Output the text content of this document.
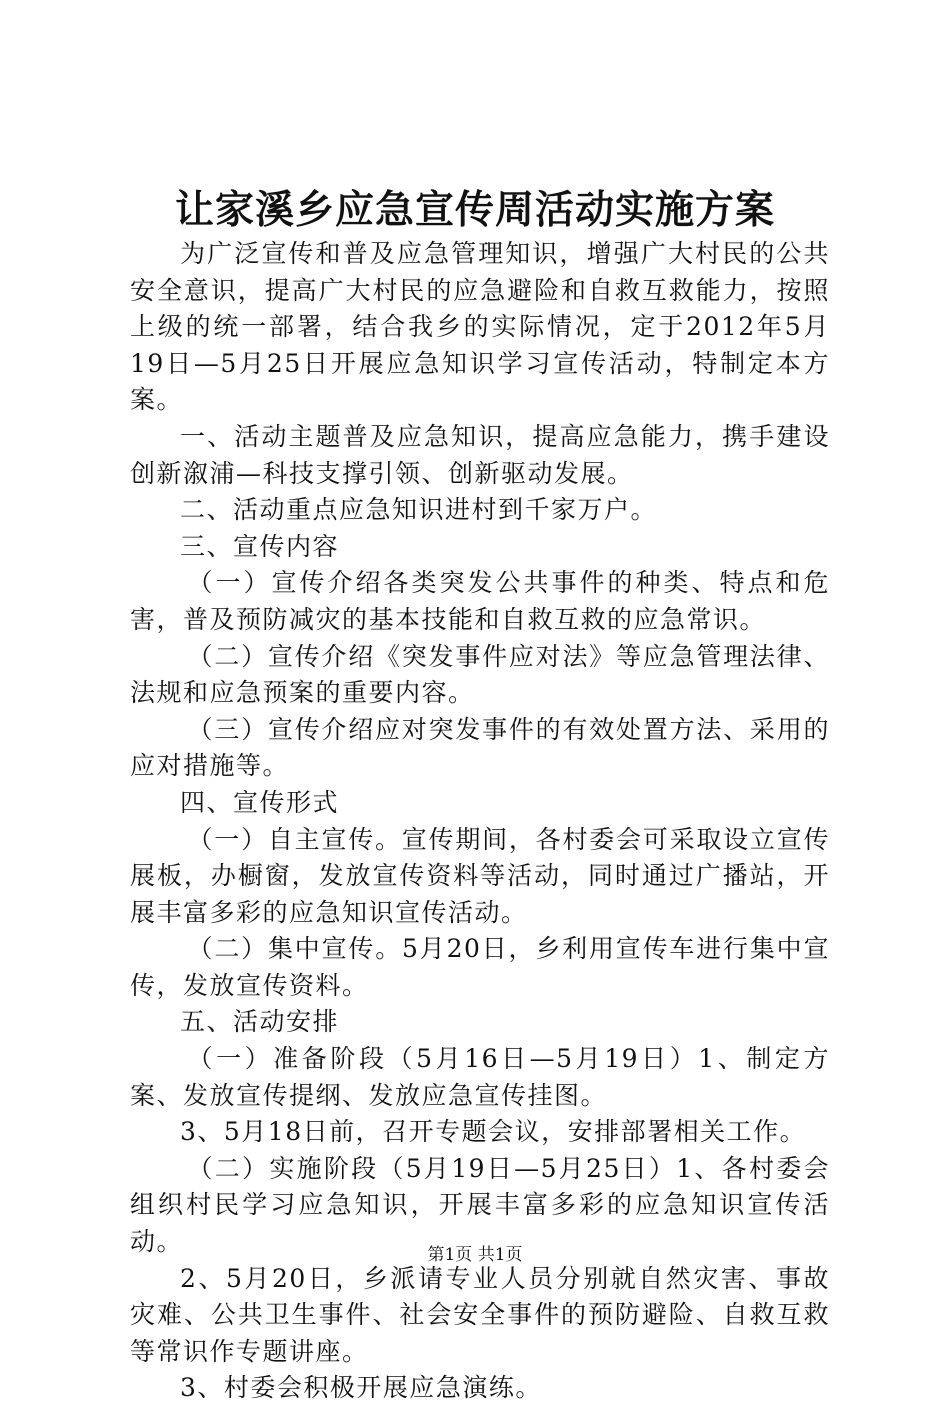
让家溪乡应急宣传周活动实施方案

为广泛宣传和普及应急管理知识，增强广大村民的公共安全意识，提高广大村民的应急避险和自救互救能力，按照上级的统一部署，结合我乡的实际情况，定于2012年5月19日—5月25日开展应急知识学习宣传活动，特制定本方案。

一、活动主题普及应急知识，提高应急能力，携手建设创新溆浦—科技支撑引领、创新驱动发展。

二、活动重点应急知识进村到千家万户。

三、宣传内容

（一）宣传介绍各类突发公共事件的种类、特点和危害，普及预防减灾的基本技能和自救互救的应急常识。

（二）宣传介绍《突发事件应对法》等应急管理法律、法规和应急预案的重要内容。

（三）宣传介绍应对突发事件的有效处置方法、采用的应对措施等。

四、宣传形式

（一）自主宣传。宣传期间，各村委会可采取设立宣传展板，办橱窗，发放宣传资料等活动，同时通过广播站，开展丰富多彩的应急知识宣传活动。

（二）集中宣传。5月20日，乡利用宣传车进行集中宣传，发放宣传资料。

五、活动安排

（一）准备阶段（5月16日—5月19日）1、制定方案、发放宣传提纲、发放应急宣传挂图。

3、5月18日前，召开专题会议，安排部署相关工作。

（二）实施阶段（5月19日—5月25日）1、各村委会组织村民学习应急知识，开展丰富多彩的应急知识宣传活动。

2、5月20日，乡派请专业人员分别就自然灾害、事故灾难、公共卫生事件、社会安全事件的预防避险、自救互救等常识作专题讲座。

3、村委会积极开展应急演练。

第1页 共1页
